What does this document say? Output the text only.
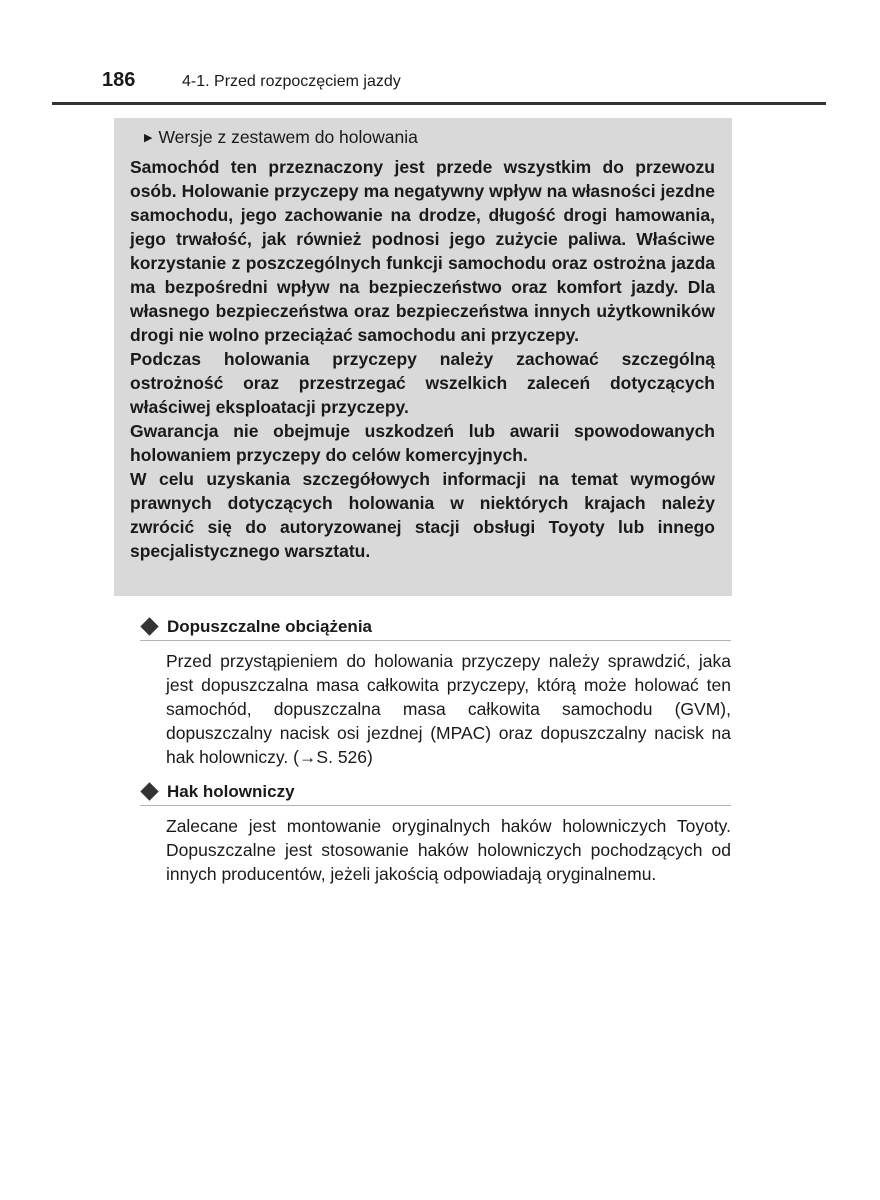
186	4-1. Przed rozpoczęciem jazdy
▶ Wersje z zestawem do holowania

Samochód ten przeznaczony jest przede wszystkim do przewozu osób. Holowanie przyczepy ma negatywny wpływ na własności jezdne samochodu, jego zachowanie na drodze, długość drogi hamowania, jego trwałość, jak również podnosi jego zużycie paliwa. Właściwe korzystanie z poszczególnych funkcji samochodu oraz ostrożna jazda ma bezpośredni wpływ na bezpieczeństwo oraz komfort jazdy. Dla własnego bezpieczeństwa oraz bezpieczeństwa innych użytkowników drogi nie wolno przeciążać samochodu ani przyczepy.

Podczas holowania przyczepy należy zachować szczególną ostrożność oraz przestrzegać wszelkich zaleceń dotyczących właściwej eksploatacji przyczepy.

Gwarancja nie obejmuje uszkodzeń lub awarii spowodowanych holowaniem przyczepy do celów komercyjnych.

W celu uzyskania szczegółowych informacji na temat wymogów prawnych dotyczących holowania w niektórych krajach należy zwrócić się do autoryzowanej stacji obsługi Toyoty lub innego specjalistycznego warsztatu.

Dopuszczalne obciążenia
Przed przystąpieniem do holowania przyczepy należy sprawdzić, jaka jest dopuszczalna masa całkowita przyczepy, którą może holować ten samochód, dopuszczalna masa całkowita samochodu (GVM), dopuszczalny nacisk osi jezdnej (MPAC) oraz dopuszczalny nacisk na hak holowniczy. (→S. 526)
Hak holowniczy
Zalecane jest montowanie oryginalnych haków holowniczych Toyoty. Dopuszczalne jest stosowanie haków holowniczych pochodzących od innych producentów, jeżeli jakością odpowiadają oryginalnemu.
